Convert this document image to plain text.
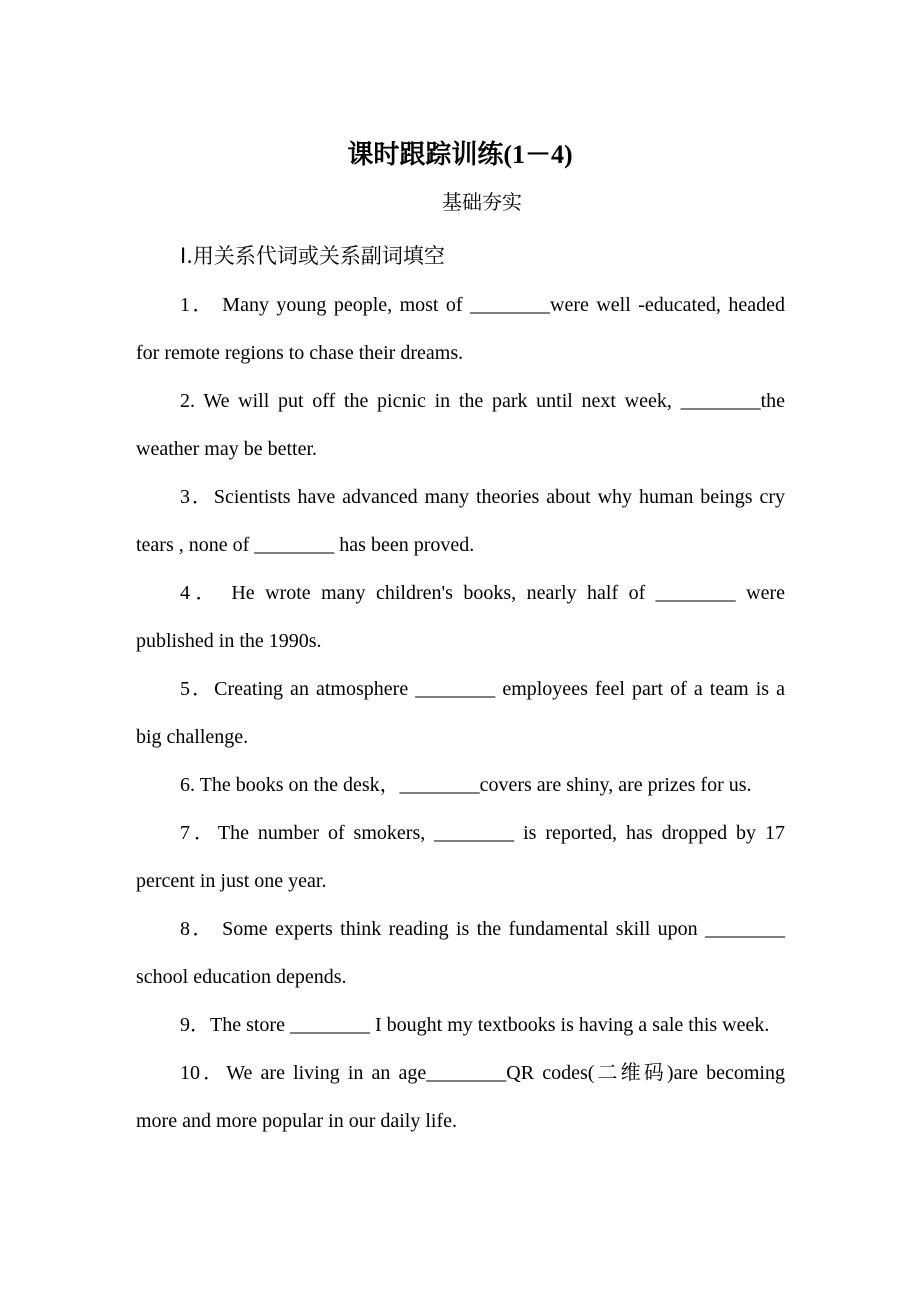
课时跟踪训练(1－4)
基础夯实
Ⅰ.用关系代词或关系副词填空

1． Many young people, most of ________were well -educated, headed for remote regions to chase their dreams.

2. We will put off the picnic in the park until next week, ________the weather may be better.

3．Scientists have advanced many theories about why human beings cry tears , none of ________ has been proved.

4． He wrote many children's books, nearly half of ________ were published in the 1990s.

5．Creating an atmosphere ________ employees feel part of a team is a big challenge.

6. The books on the desk，________covers are shiny, are prizes for us.

7．The number of smokers, ________ is reported, has dropped by 17 percent in just one year.

8． Some experts think reading is the fundamental skill upon ________ school education depends.

9．The store ________ I bought my textbooks is having a sale this week.

10．We are living in an age________QR codes(二维码)are becoming more and more popular in our daily life.
